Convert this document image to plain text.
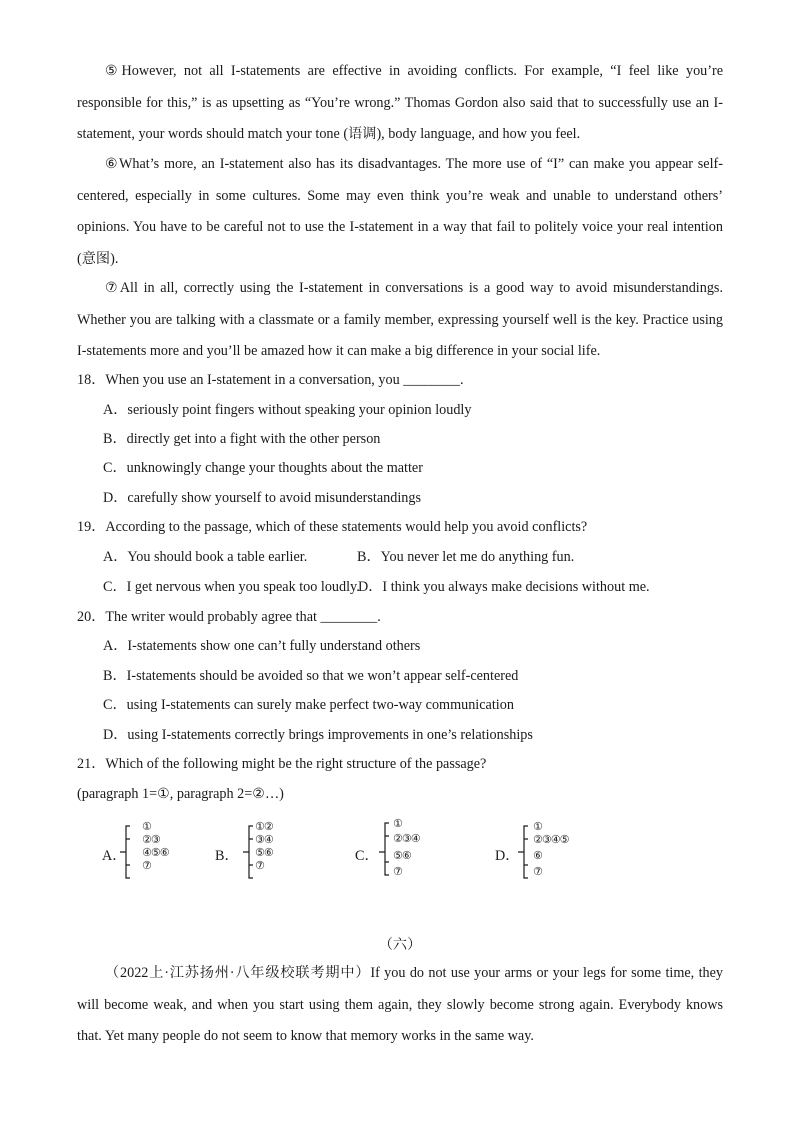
⑤However, not all I-statements are effective in avoiding conflicts. For example, “I feel like you’re responsible for this,” is as upsetting as “You’re wrong.” Thomas Gordon also said that to successfully use an I-statement, your words should match your tone (语调), body language, and how you feel.

⑥What’s more, an I-statement also has its disadvantages. The more use of “I” can make you appear self-centered, especially in some cultures. Some may even think you’re weak and unable to understand others’ opinions. You have to be careful not to use the I-statement in a way that fail to politely voice your real intention (意图).

⑦All in all, correctly using the I-statement in conversations is a good way to avoid misunderstandings. Whether you are talking with a classmate or a family member, expressing yourself well is the key. Practice using I-statements more and you’ll be amazed how it can make a big difference in your social life.

18．When you use an I-statement in a conversation, you ________.

A．seriously point fingers without speaking your opinion loudly

B．directly get into a fight with the other person

C．unknowingly change your thoughts about the matter

D．carefully show yourself to avoid misunderstandings

19．According to the passage, which of these statements would help you avoid conflicts?

A．You should book a table earlier.	B．You never let me do anything fun.

C．I get nervous when you speak too loudly.

D．I think you always make decisions without me.

20．The writer would probably agree that ________.

A．I-statements show one can’t fully understand others

B．I-statements should be avoided so that we won’t appear self-centered

C．using I-statements can surely make perfect two-way communication

D．using I-statements correctly brings improvements in one’s relationships

21．Which of the following might be the right structure of the passage?

(paragraph 1=①, paragraph 2=②…)

A．
①
②③
④⑤⑥
⑦
B．
①②
③④
⑤⑥
⑦
C．
①
②③④
⑤⑥
⑦
D．
①
②③④⑤
⑥
⑦

（六）

（2022上·江苏扬州·八年级校联考期中）If you do not use your arms or your legs for some time, they will become weak, and when you start using them again, they slowly become strong again. Everybody knows that. Yet many people do not seem to know that memory works in the same way.
